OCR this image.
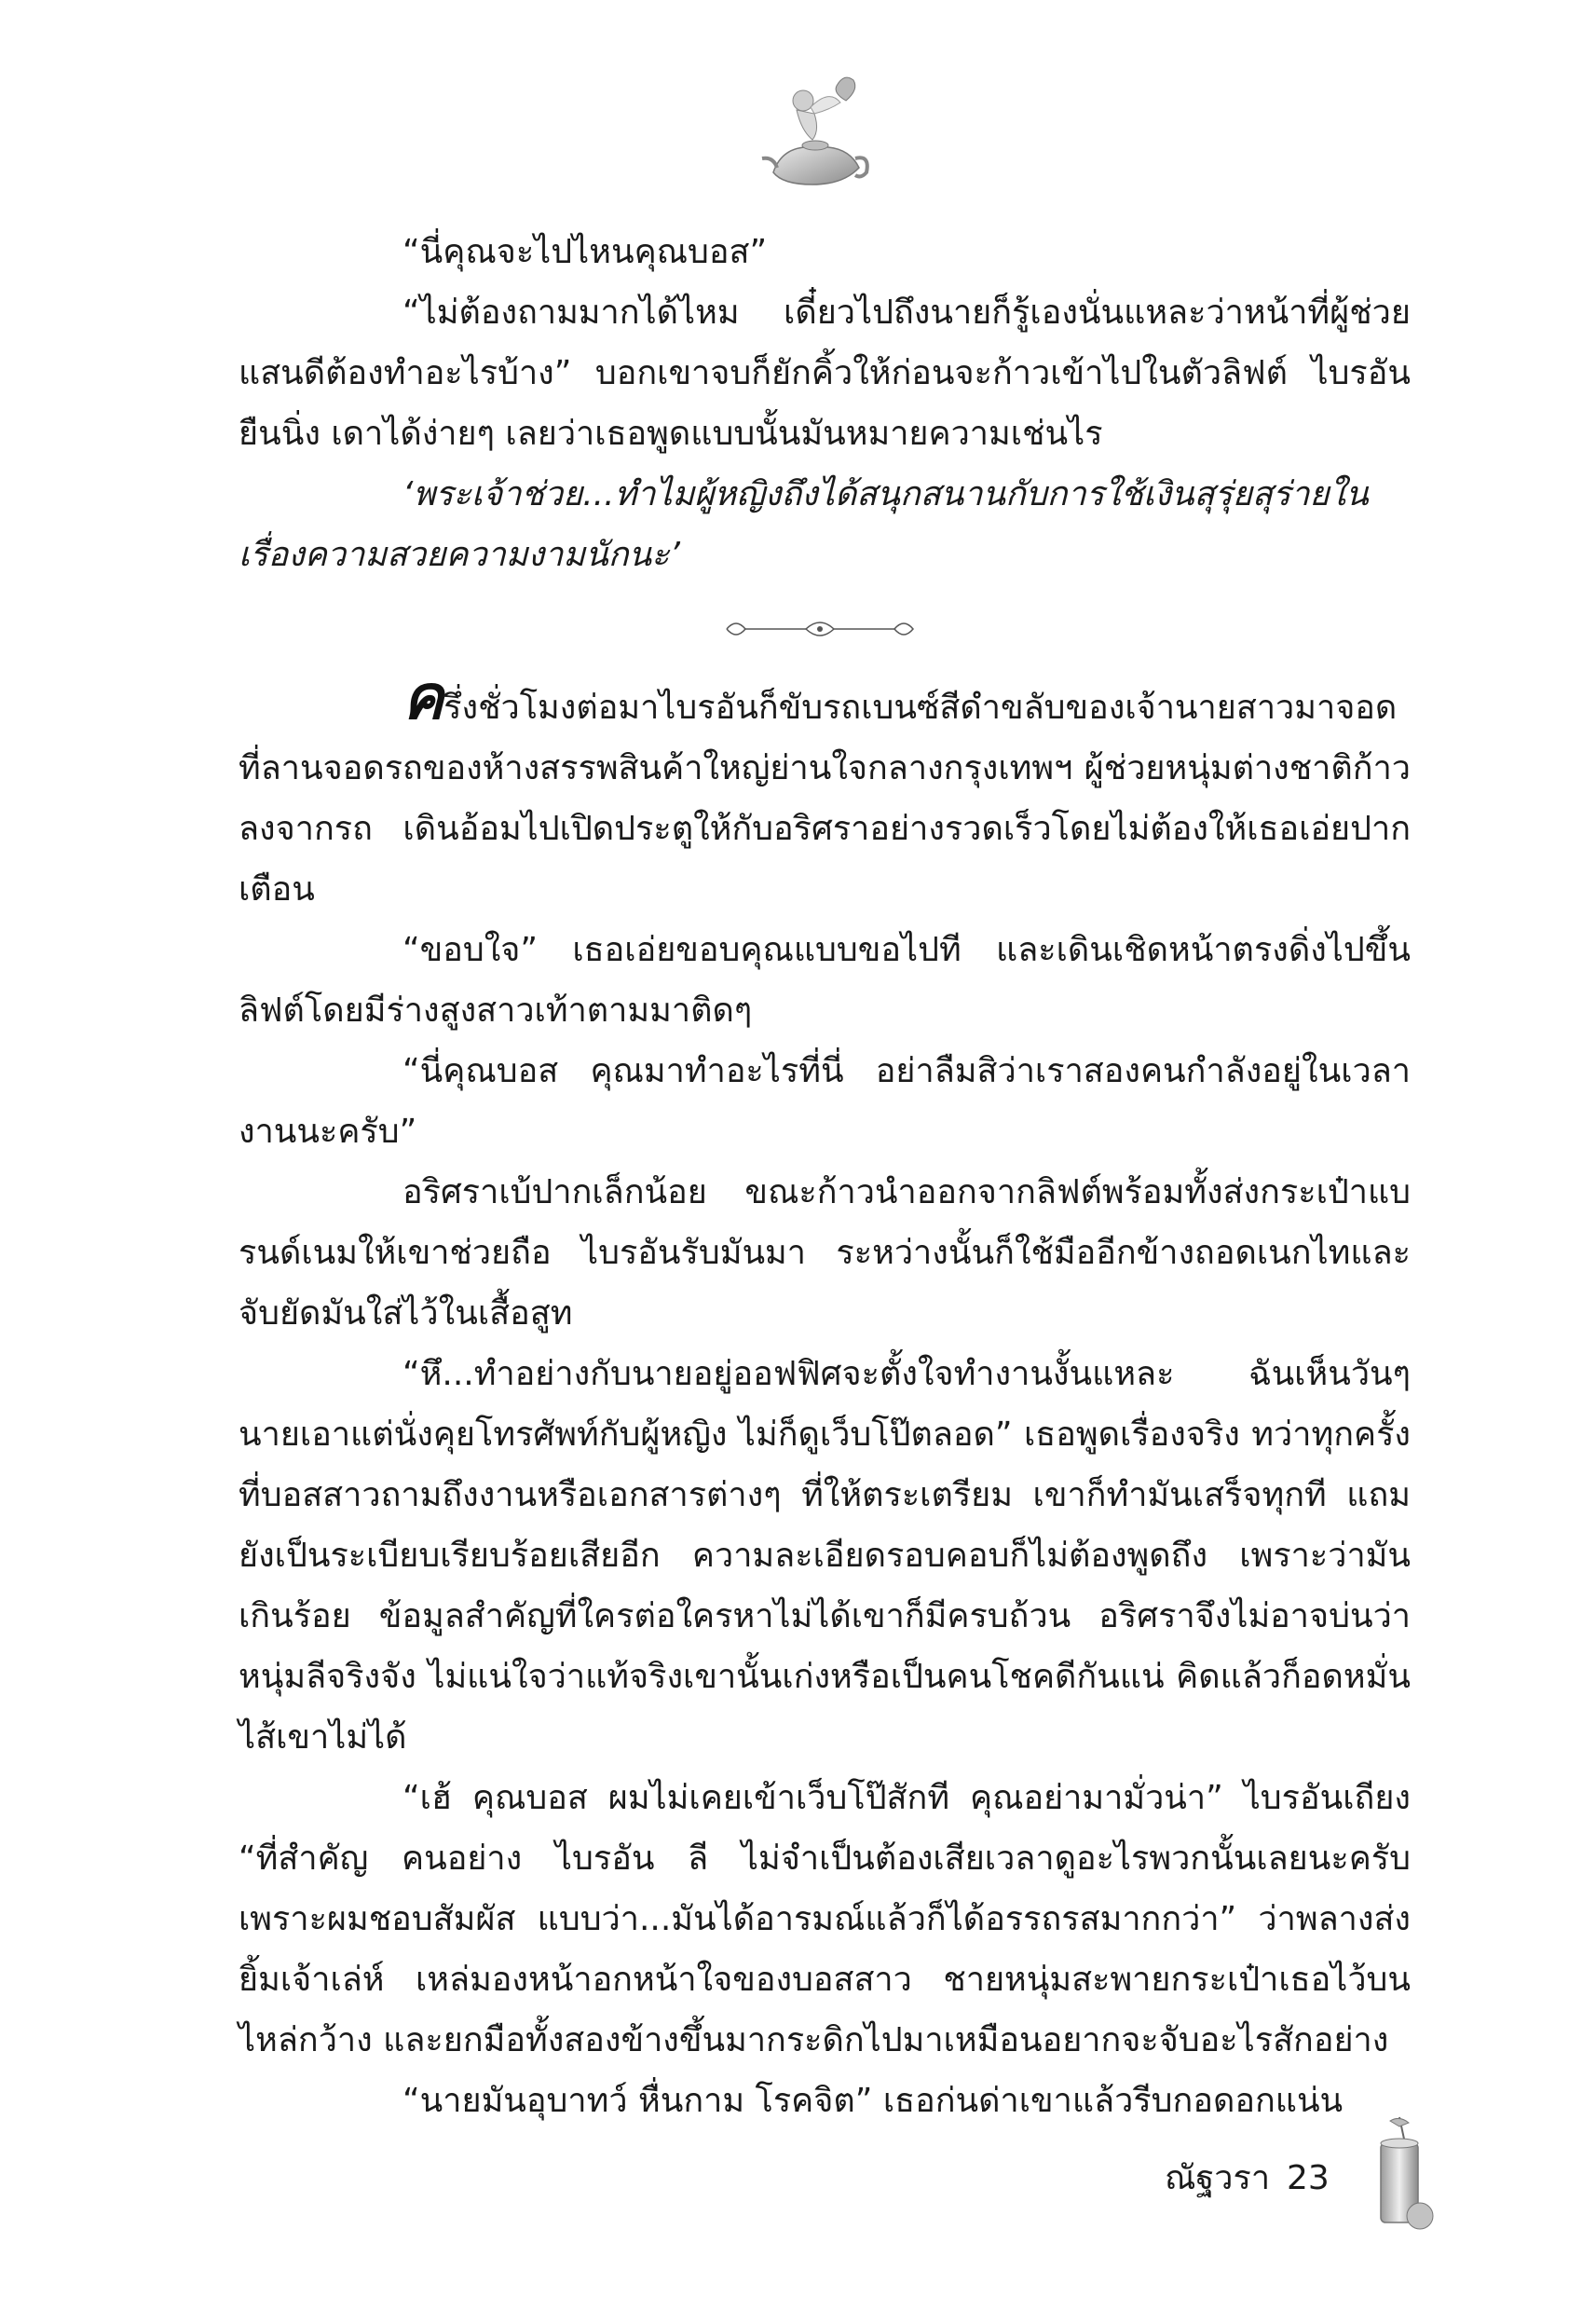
“นี่คุณจะไปไหนคุณบอส”

“ไม่ต้องถามมากได้ไหม เดี๋ยวไปถึงนายก็รู้เองนั่นแหละว่าหน้าที่ผู้ช่วยแสนดีต้องทำอะไรบ้าง” บอกเขาจบก็ยักคิ้วให้ก่อนจะก้าวเข้าไปในตัวลิฟต์ ไบรอันยืนนิ่ง เดาได้ง่ายๆ เลยว่าเธอพูดแบบนั้นมันหมายความเช่นไร

‘พระเจ้าช่วย...ทำไมผู้หญิงถึงได้สนุกสนานกับการใช้เงินสุรุ่ยสุร่ายในเรื่องความสวยความงามนักนะ’

ครึ่งชั่วโมงต่อมาไบรอันก็ขับรถเบนซ์สีดำขลับของเจ้านายสาวมาจอดที่ลานจอดรถของห้างสรรพสินค้าใหญ่ย่านใจกลางกรุงเทพฯ ผู้ช่วยหนุ่มต่างชาติก้าวลงจากรถ เดินอ้อมไปเปิดประตูให้กับอริศราอย่างรวดเร็วโดยไม่ต้องให้เธอเอ่ยปากเตือน

“ขอบใจ” เธอเอ่ยขอบคุณแบบขอไปที และเดินเชิดหน้าตรงดิ่งไปขึ้นลิฟต์โดยมีร่างสูงสาวเท้าตามมาติดๆ

“นี่คุณบอส คุณมาทำอะไรที่นี่ อย่าลืมสิว่าเราสองคนกำลังอยู่ในเวลางานนะครับ”

อริศราเบ้ปากเล็กน้อย ขณะก้าวนำออกจากลิฟต์พร้อมทั้งส่งกระเป๋าแบรนด์เนมให้เขาช่วยถือ ไบรอันรับมันมา ระหว่างนั้นก็ใช้มืออีกข้างถอดเนกไทและจับยัดมันใส่ไว้ในเสื้อสูท

“หึ...ทำอย่างกับนายอยู่ออฟฟิศจะตั้งใจทำงานงั้นแหละ ฉันเห็นวันๆ นายเอาแต่นั่งคุยโทรศัพท์กับผู้หญิง ไม่ก็ดูเว็บโป๊ตลอด” เธอพูดเรื่องจริง ทว่าทุกครั้งที่บอสสาวถามถึงงานหรือเอกสารต่างๆ ที่ให้ตระเตรียม เขาก็ทำมันเสร็จทุกที แถมยังเป็นระเบียบเรียบร้อยเสียอีก ความละเอียดรอบคอบก็ไม่ต้องพูดถึง เพราะว่ามันเกินร้อย ข้อมูลสำคัญที่ใครต่อใครหาไม่ได้เขาก็มีครบถ้วน อริศราจึงไม่อาจบ่นว่าหนุ่มลีจริงจัง ไม่แน่ใจว่าแท้จริงเขานั้นเก่งหรือเป็นคนโชคดีกันแน่ คิดแล้วก็อดหมั่นไส้เขาไม่ได้

“เฮ้ คุณบอส ผมไม่เคยเข้าเว็บโป๊สักที คุณอย่ามามั่วน่า” ไบรอันเถียง “ที่สำคัญ คนอย่าง ไบรอัน ลี ไม่จำเป็นต้องเสียเวลาดูอะไรพวกนั้นเลยนะครับ เพราะผมชอบสัมผัส แบบว่า...มันได้อารมณ์แล้วก็ได้อรรถรสมากกว่า” ว่าพลางส่งยิ้มเจ้าเล่ห์ เหล่มองหน้าอกหน้าใจของบอสสาว ชายหนุ่มสะพายกระเป๋าเธอไว้บนไหล่กว้าง และยกมือทั้งสองข้างขึ้นมากระดิกไปมาเหมือนอยากจะจับอะไรสักอย่าง

“นายมันอุบาทว์ หื่นกาม โรคจิต” เธอก่นด่าเขาแล้วรีบกอดอกแน่น

ณัฐวรา 23
